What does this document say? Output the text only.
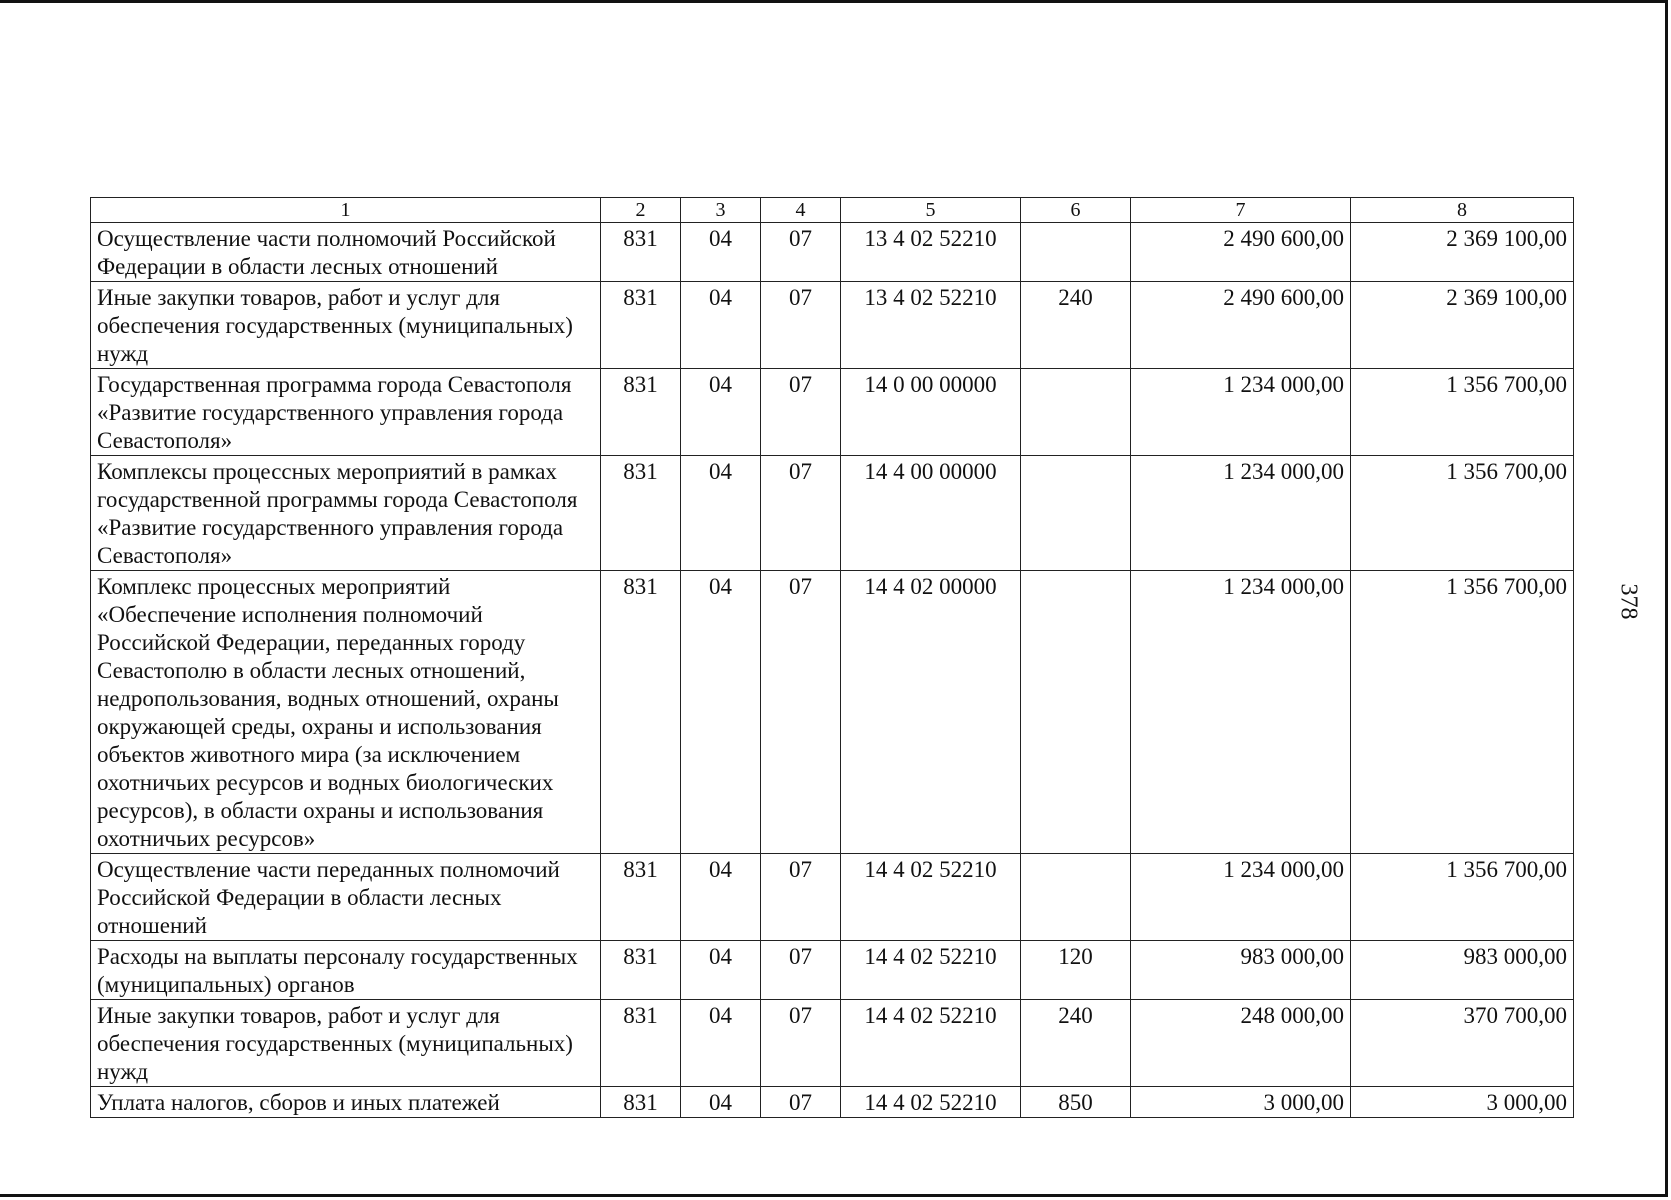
378
1	2	3	4	5	6	7	8
Осуществление части полномочий Российской Федерации в области лесных отношений	831	04	07	13 4 02 52210		2 490 600,00	2 369 100,00
Иные закупки товаров, работ и услуг для обеспечения государственных (муниципальных) нужд	831	04	07	13 4 02 52210	240	2 490 600,00	2 369 100,00
Государственная программа города Севастополя «Развитие государственного управления города Севастополя»	831	04	07	14 0 00 00000		1 234 000,00	1 356 700,00
Комплексы процессных мероприятий в рамках государственной программы города Севастополя «Развитие государственного управления города Севастополя»	831	04	07	14 4 00 00000		1 234 000,00	1 356 700,00
Комплекс процессных мероприятий «Обеспечение исполнения полномочий Российской Федерации, переданных городу Севастополю в области лесных отношений, недропользования, водных отношений, охраны окружающей среды, охраны и использования объектов животного мира (за исключением охотничьих ресурсов и водных биологических ресурсов), в области охраны и использования охотничьих ресурсов»	831	04	07	14 4 02 00000		1 234 000,00	1 356 700,00
Осуществление части переданных полномочий Российской Федерации в области лесных отношений	831	04	07	14 4 02 52210		1 234 000,00	1 356 700,00
Расходы на выплаты персоналу государственных (муниципальных) органов	831	04	07	14 4 02 52210	120	983 000,00	983 000,00
Иные закупки товаров, работ и услуг для обеспечения государственных (муниципальных) нужд	831	04	07	14 4 02 52210	240	248 000,00	370 700,00
Уплата налогов, сборов и иных платежей	831	04	07	14 4 02 52210	850	3 000,00	3 000,00
